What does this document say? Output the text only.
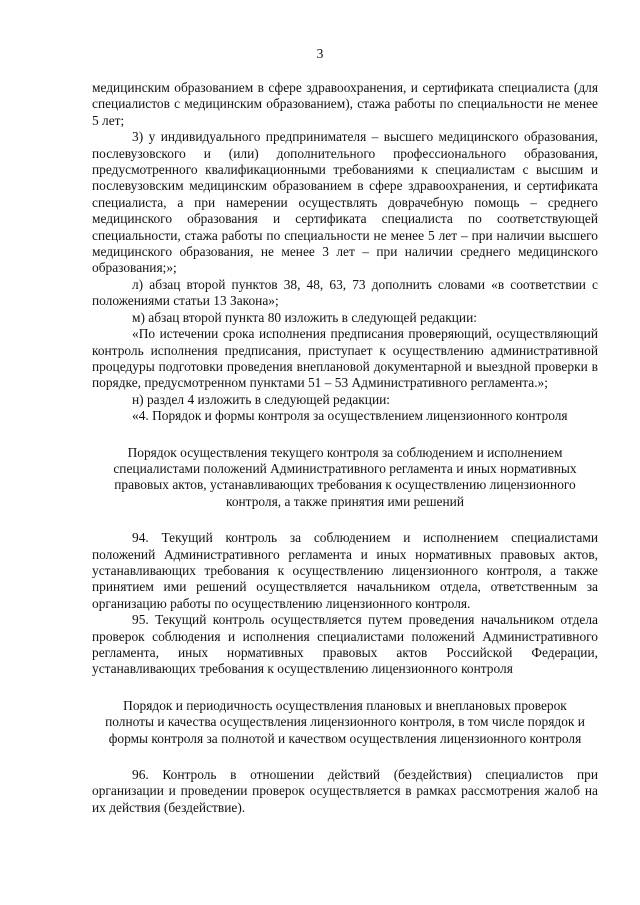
3

медицинским образованием в сфере здравоохранения, и сертификата специалиста (для специалистов с медицинским образованием), стажа работы по специальности не менее 5 лет;

3) у индивидуального предпринимателя – высшего медицинского образования, послевузовского и (или) дополнительного профессионального образования, предусмотренного квалификационными требованиями к специалистам с высшим и послевузовским медицинским образованием в сфере здравоохранения, и сертификата специалиста, а при намерении осуществлять доврачебную помощь – среднего медицинского образования и сертификата специалиста по соответствующей специальности, стажа работы по специальности не менее 5 лет – при наличии высшего медицинского образования, не менее 3 лет – при наличии среднего медицинского образования;»;

л) абзац второй пунктов 38, 48, 63, 73 дополнить словами «в соответствии с положениями статьи 13 Закона»;

м) абзац второй пункта 80 изложить в следующей редакции:

«По истечении срока исполнения предписания проверяющий, осуществляющий контроль исполнения предписания, приступает к осуществлению административной процедуры подготовки проведения внеплановой документарной и выездной проверки в порядке, предусмотренном пунктами 51 – 53 Административного регламента.»;

н) раздел 4 изложить в следующей редакции:

«4. Порядок и формы контроля за осуществлением лицензионного контроля

Порядок осуществления текущего контроля за соблюдением и исполнением специалистами положений Административного регламента и иных нормативных правовых актов, устанавливающих требования к осуществлению лицензионного контроля, а также принятия ими решений

94. Текущий контроль за соблюдением и исполнением специалистами положений Административного регламента и иных нормативных правовых актов, устанавливающих требования к осуществлению лицензионного контроля, а также принятием ими решений осуществляется начальником отдела, ответственным за организацию работы по осуществлению лицензионного контроля.

95. Текущий контроль осуществляется путем проведения начальником отдела проверок соблюдения и исполнения специалистами положений Административного регламента, иных нормативных правовых актов Российской Федерации, устанавливающих требования к осуществлению лицензионного контроля

Порядок и периодичность осуществления плановых и внеплановых проверок полноты и качества осуществления лицензионного контроля, в том числе порядок и формы контроля за полнотой и качеством осуществления лицензионного контроля

96. Контроль в отношении действий (бездействия) специалистов при организации и проведении проверок осуществляется в рамках рассмотрения жалоб на их действия (бездействие).
